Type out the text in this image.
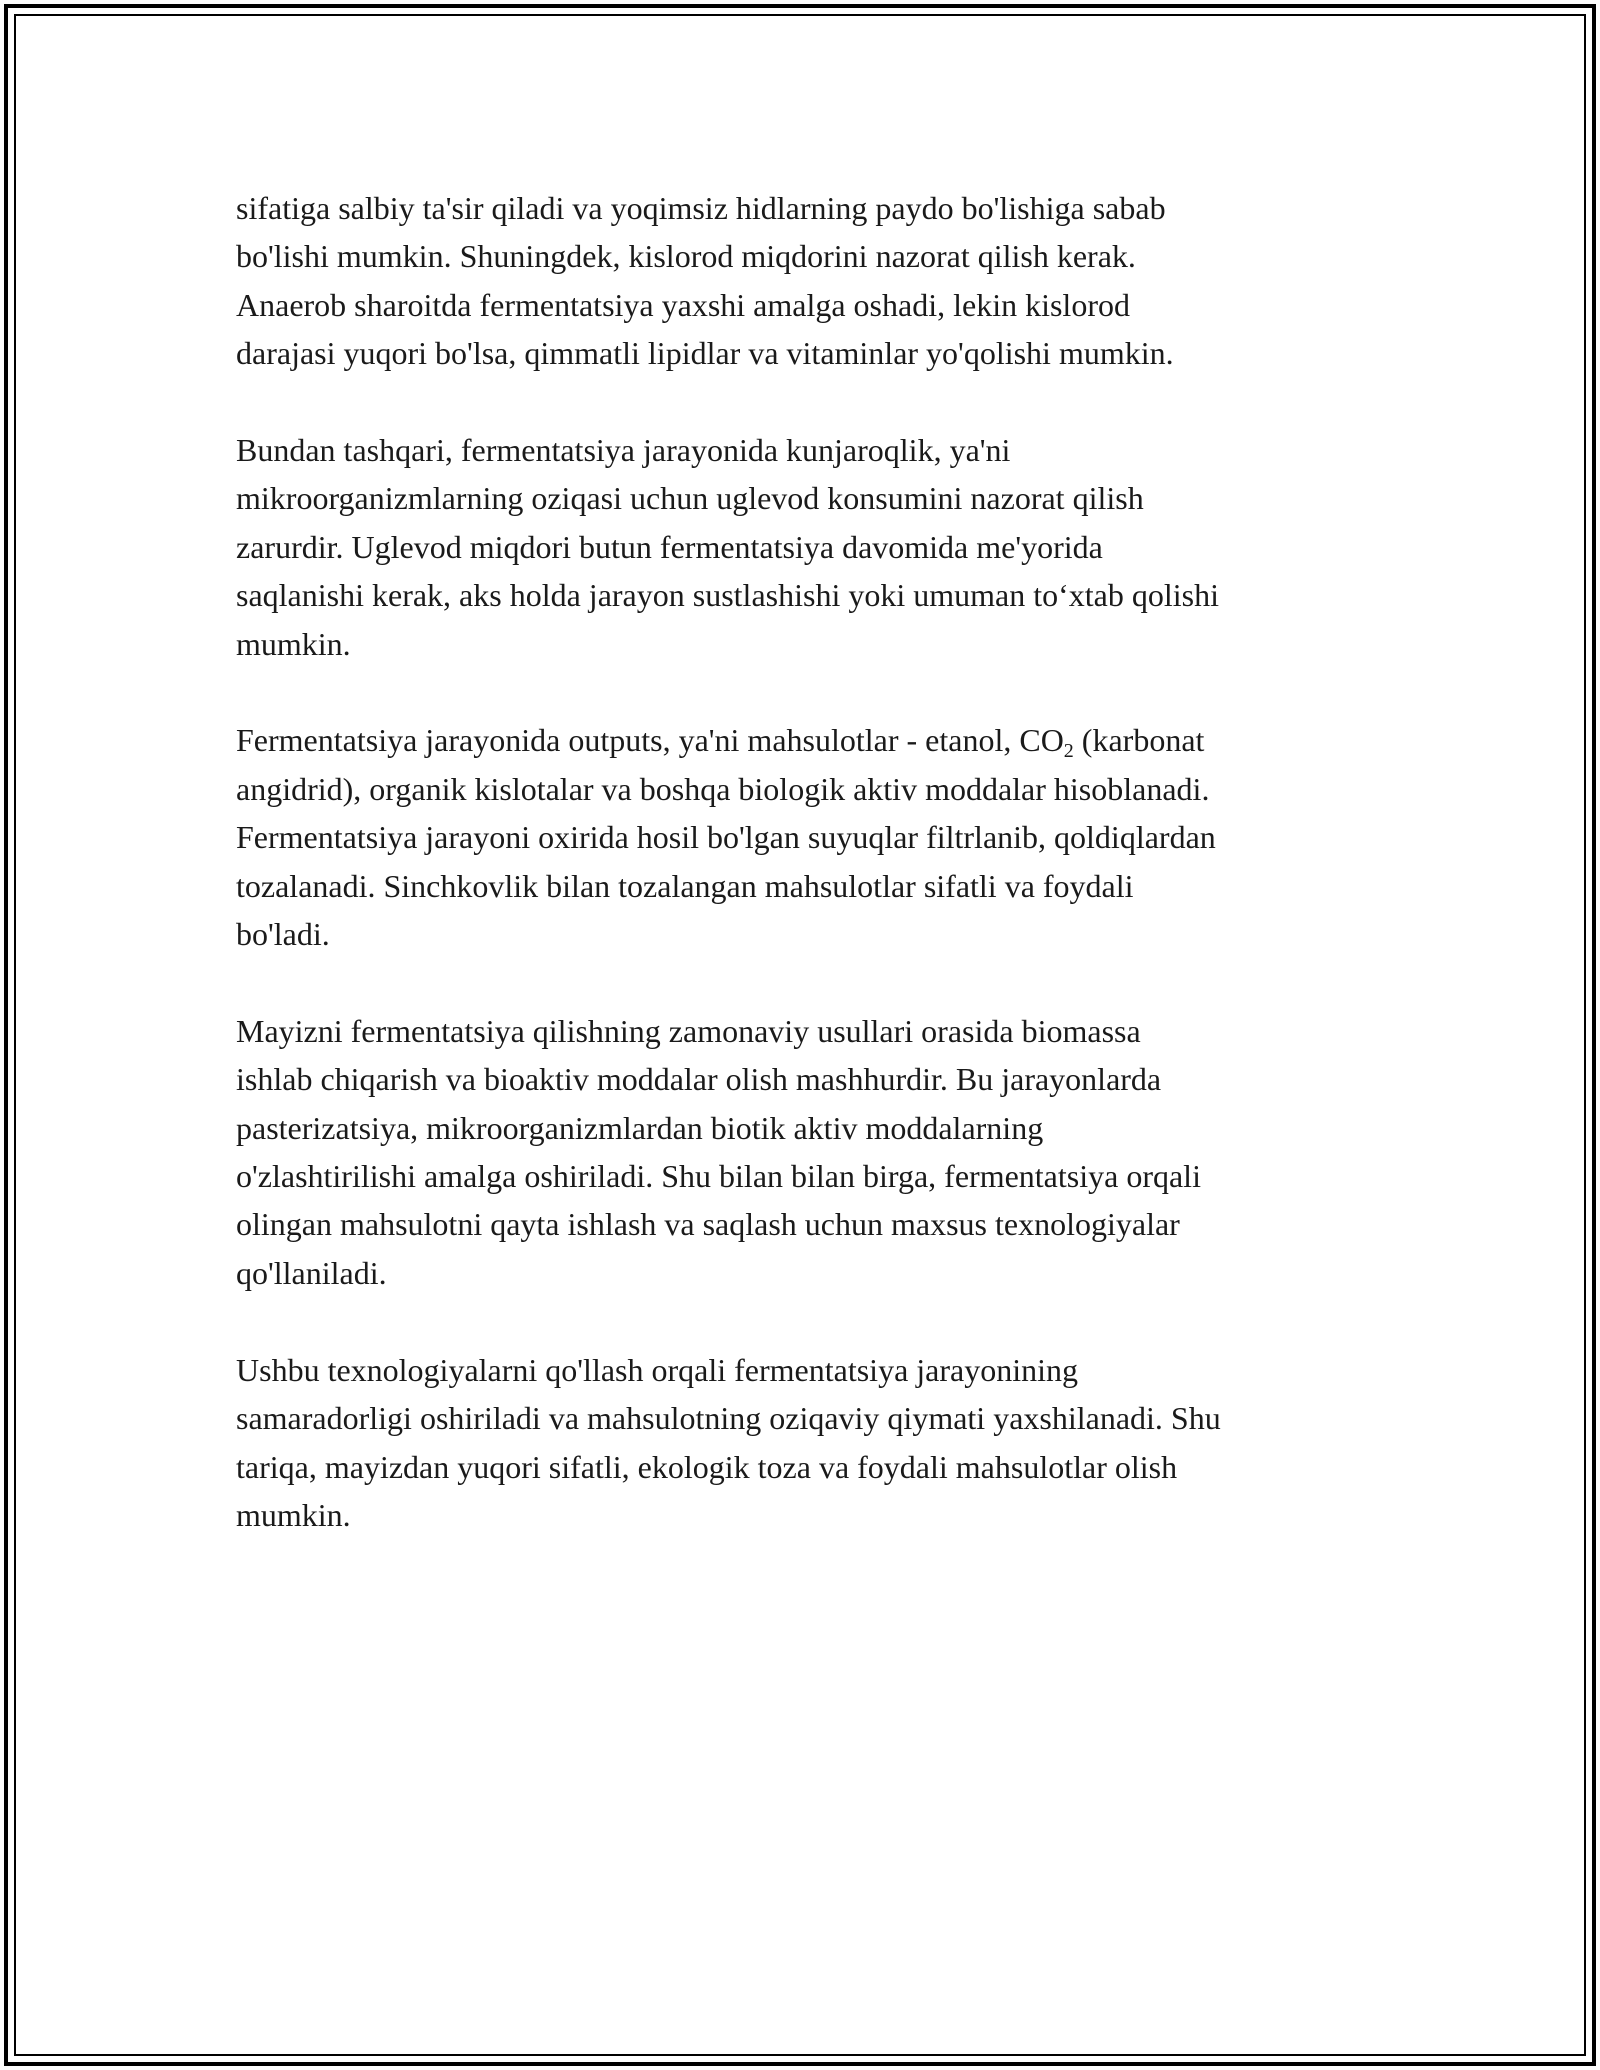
sifatiga salbiy ta'sir qiladi va yoqimsiz hidlarning paydo bo'lishiga sabab
bo'lishi mumkin. Shuningdek, kislorod miqdorini nazorat qilish kerak.
Anaerob sharoitda fermentatsiya yaxshi amalga oshadi, lekin kislorod
darajasi yuqori bo'lsa, qimmatli lipidlar va vitaminlar yo'qolishi mumkin.

Bundan tashqari, fermentatsiya jarayonida kunjaroqlik, ya'ni
mikroorganizmlarning oziqasi uchun uglevod konsumini nazorat qilish
zarurdir. Uglevod miqdori butun fermentatsiya davomida me'yorida
saqlanishi kerak, aks holda jarayon sustlashishi yoki umuman to‘xtab qolishi
mumkin.

Fermentatsiya jarayonida outputs, ya'ni mahsulotlar - etanol, $CO_2$ (karbonat
angidrid), organik kislotalar va boshqa biologik aktiv moddalar hisoblanadi.
Fermentatsiya jarayoni oxirida hosil bo'lgan suyuqlar filtrlanib, qoldiqlardan
tozalanadi. Sinchkovlik bilan tozalangan mahsulotlar sifatli va foydali
bo'ladi.

Mayizni fermentatsiya qilishning zamonaviy usullari orasida biomassa
ishlab chiqarish va bioaktiv moddalar olish mashhurdir. Bu jarayonlarda
pasterizatsiya, mikroorganizmlardan biotik aktiv moddalarning
o'zlashtirilishi amalga oshiriladi. Shu bilan bilan birga, fermentatsiya orqali
olingan mahsulotni qayta ishlash va saqlash uchun maxsus texnologiyalar
qo'llaniladi.

Ushbu texnologiyalarni qo'llash orqali fermentatsiya jarayonining
samaradorligi oshiriladi va mahsulotning oziqaviy qiymati yaxshilanadi. Shu
tariqa, mayizdan yuqori sifatli, ekologik toza va foydali mahsulotlar olish
mumkin.
